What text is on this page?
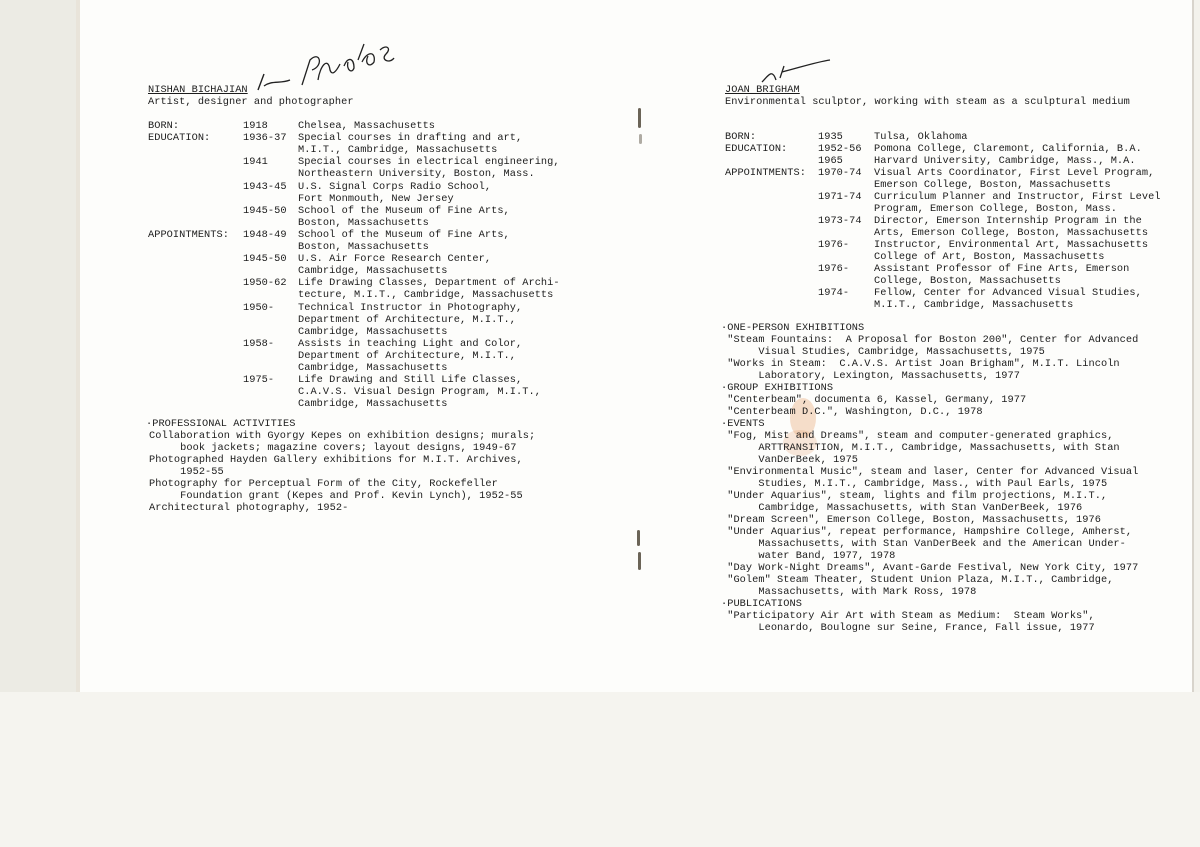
NISHAN BICHAJIAN
Artist, designer and photographer
BORN:	1918	Chelsea, Massachusetts
EDUCATION:	1936-37 Special courses in drafting and art,
M.I.T., Cambridge, Massachusetts
1941	Special courses in electrical engineering,
Northeastern University, Boston, Mass.
1943-45 U.S. Signal Corps Radio School,
Fort Monmouth, New Jersey
1945-50 School of the Museum of Fine Arts,
Boston, Massachusetts
APPOINTMENTS: 1948-49 School of the Museum of Fine Arts,
Boston, Massachusetts
1945-50 U.S. Air Force Research Center,
Cambridge, Massachusetts
1950-62 Life Drawing Classes, Department of Archi-
tecture, M.I.T., Cambridge, Massachusetts
1950- Technical Instructor in Photography,
Department of Architecture, M.I.T.,
Cambridge, Massachusetts
1958- Assists in teaching Light and Color,
Department of Architecture, M.I.T.,
Cambridge, Massachusetts
1975- Life Drawing and Still Life Classes,
C.A.V.S. Visual Design Program, M.I.T.,
Cambridge, Massachusetts
·PROFESSIONAL ACTIVITIES
Collaboration with Gyorgy Kepes on exhibition designs; murals;
book jackets; magazine covers; layout designs, 1949-67
Photographed Hayden Gallery exhibitions for M.I.T. Archives,
1952-55
Photography for Perceptual Form of the City, Rockefeller
Foundation grant (Kepes and Prof. Kevin Lynch), 1952-55
Architectural photography, 1952-
JOAN BRIGHAM
Environmental sculptor, working with steam as a sculptural medium
BORN:	1935	Tulsa, Oklahoma
EDUCATION:	1952-56 Pomona College, Claremont, California, B.A.
1965	Harvard University, Cambridge, Mass., M.A.
APPOINTMENTS: 1970-74 Visual Arts Coordinator, First Level Program,
Emerson College, Boston, Massachusetts
1971-74 Curriculum Planner and Instructor, First Level
Program, Emerson College, Boston, Mass.
1973-74 Director, Emerson Internship Program in the
Arts, Emerson College, Boston, Massachusetts
1976- Instructor, Environmental Art, Massachusetts
College of Art, Boston, Massachusetts
1976- Assistant Professor of Fine Arts, Emerson
College, Boston, Massachusetts
1974- Fellow, Center for Advanced Visual Studies,
M.I.T., Cambridge, Massachusetts
·ONE-PERSON EXHIBITIONS
"Steam Fountains:  A Proposal for Boston 200", Center for Advanced
Visual Studies, Cambridge, Massachusetts, 1975
"Works in Steam:  C.A.V.S. Artist Joan Brigham", M.I.T. Lincoln
Laboratory, Lexington, Massachusetts, 1977
·GROUP EXHIBITIONS
"Centerbeam", documenta 6, Kassel, Germany, 1977
"Centerbeam D.C.", Washington, D.C., 1978
·EVENTS
"Fog, Mist and Dreams", steam and computer-generated graphics,
ARTTRANSITION, M.I.T., Cambridge, Massachusetts, with Stan
VanDerBeek, 1975
"Environmental Music", steam and laser, Center for Advanced Visual
Studies, M.I.T., Cambridge, Mass., with Paul Earls, 1975
"Under Aquarius", steam, lights and film projections, M.I.T.,
Cambridge, Massachusetts, with Stan VanDerBeek, 1976
"Dream Screen", Emerson College, Boston, Massachusetts, 1976
"Under Aquarius", repeat performance, Hampshire College, Amherst,
Massachusetts, with Stan VanDerBeek and the American Under-
water Band, 1977, 1978
"Day Work-Night Dreams", Avant-Garde Festival, New York City, 1977
"Golem" Steam Theater, Student Union Plaza, M.I.T., Cambridge,
Massachusetts, with Mark Ross, 1978
·PUBLICATIONS
"Participatory Air Art with Steam as Medium:  Steam Works",
Leonardo, Boulogne sur Seine, France, Fall issue, 1977
